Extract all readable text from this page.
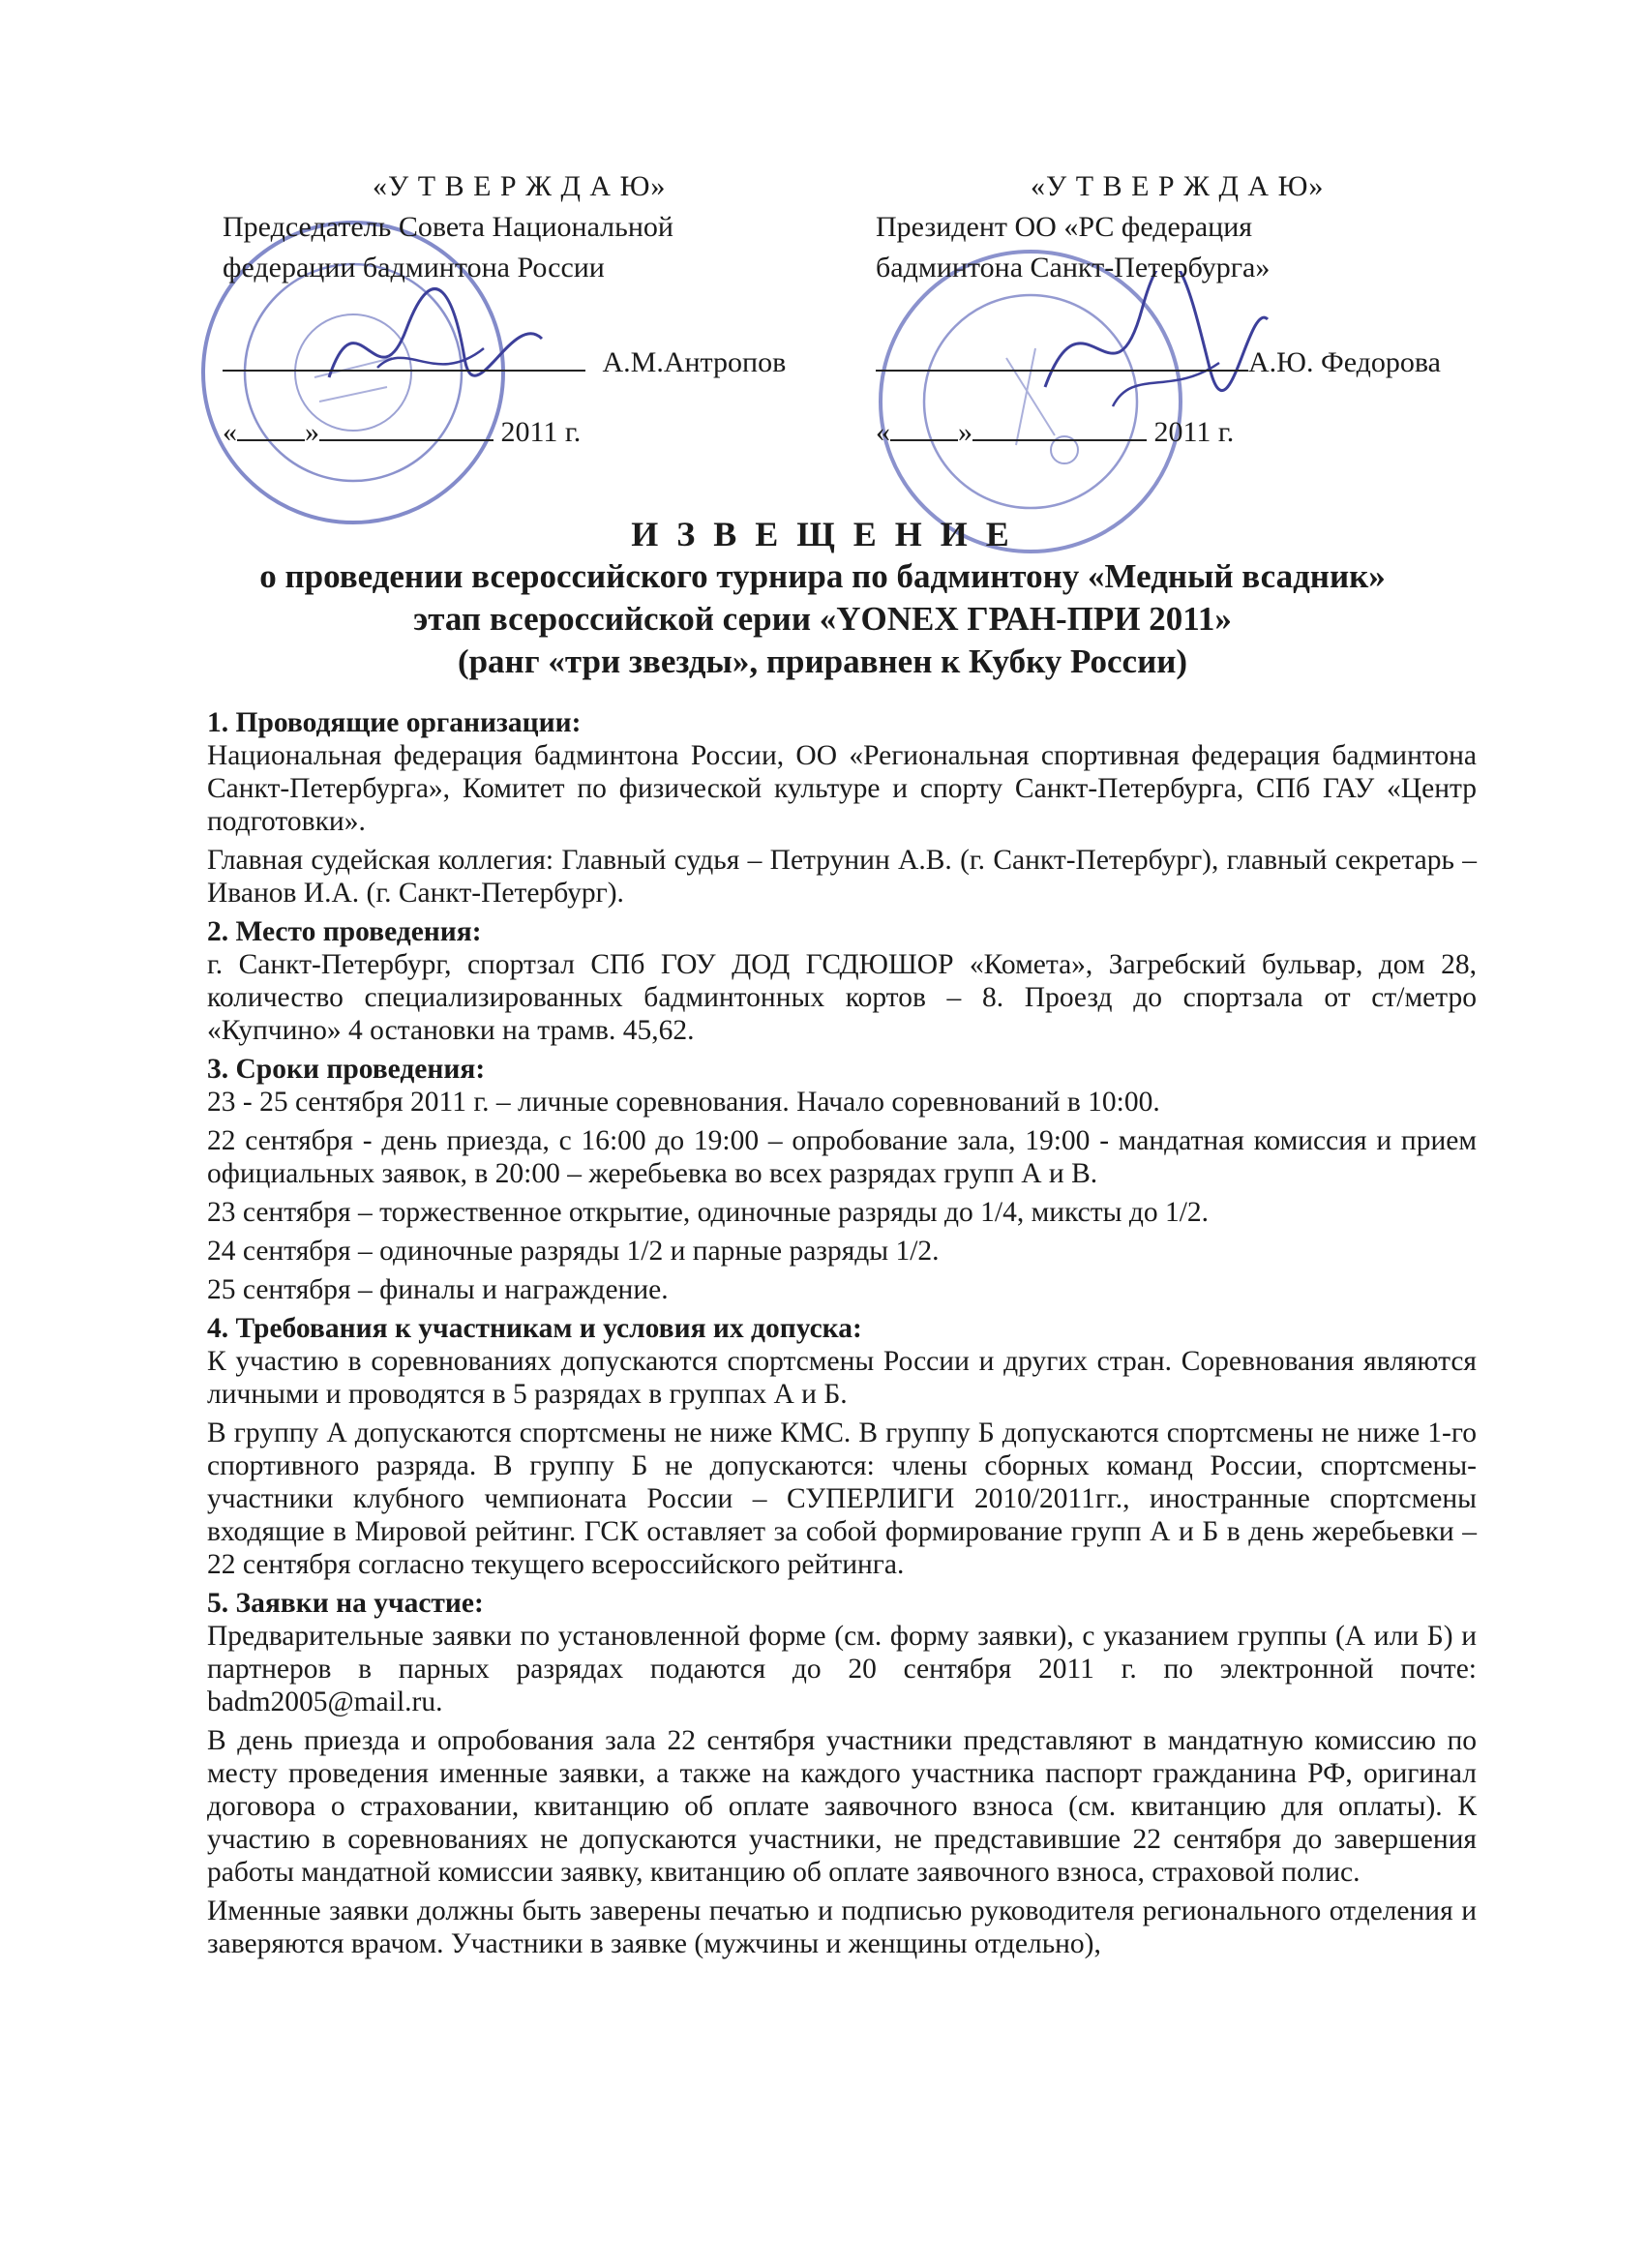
«У Т В Е Р Ж Д А Ю»
Председатель Совета Национальной
федерации бадминтона России
А.М.Антропов
« »	2011 г.
«У Т В Е Р Ж Д А Ю»
Президент ОО «РС федерация
бадминтона Санкт-Петербурга»
А.Ю. Федорова
« »	2011 г.
И З В Е Щ Е Н И Е
о проведении всероссийского турнира по бадминтону «Медный всадник»
этап всероссийской серии «YONEX ГРАН-ПРИ 2011»
(ранг «три звезды», приравнен к Кубку России)
1. Проводящие организации:

Национальная федерация бадминтона России, ОО «Региональная спортивная федерация бадминтона Санкт-Петербурга», Комитет по физической культуре и спорту Санкт-Петербурга, СПб ГАУ «Центр подготовки».

Главная судейская коллегия: Главный судья – Петрунин А.В. (г. Санкт-Петербург), главный секретарь – Иванов И.А. (г. Санкт-Петербург).

2. Место проведения:

г. Санкт-Петербург, спортзал СПб ГОУ ДОД ГСДЮШОР «Комета», Загребский бульвар, дом 28, количество специализированных бадминтонных кортов – 8. Проезд до спортзала от ст/метро «Купчино» 4 остановки на трамв. 45,62.

3. Сроки проведения:

23 - 25 сентября 2011 г. – личные соревнования. Начало соревнований в 10:00.

22 сентября - день приезда, с 16:00 до 19:00 – опробование зала, 19:00 - мандатная комиссия и прием официальных заявок, в 20:00 – жеребьевка во всех разрядах групп А и В.

23 сентября – торжественное открытие, одиночные разряды до 1/4, миксты до 1/2.

24 сентября – одиночные разряды 1/2 и парные разряды 1/2.

25 сентября – финалы и награждение.

4. Требования к участникам и условия их допуска:

К участию в соревнованиях допускаются спортсмены России и других стран. Соревнования являются личными и проводятся в 5 разрядах в группах А и Б.

В группу А допускаются спортсмены не ниже КМС. В группу Б допускаются спортсмены не ниже 1-го спортивного разряда. В группу Б не допускаются: члены сборных команд России, спортсмены-участники клубного чемпионата России – СУПЕРЛИГИ 2010/2011гг., иностранные спортсмены входящие в Мировой рейтинг. ГСК оставляет за собой формирование групп А и Б в день жеребьевки – 22 сентября согласно текущего всероссийского рейтинга.

5. Заявки на участие:

Предварительные заявки по установленной форме (см. форму заявки), с указанием группы (А или Б) и партнеров в парных разрядах подаются до 20 сентября 2011 г. по электронной почте: badm2005@mail.ru.

В день приезда и опробования зала 22 сентября участники представляют в мандатную комиссию по месту проведения именные заявки, а также на каждого участника паспорт гражданина РФ, оригинал договора о страховании, квитанцию об оплате заявочного взноса (см. квитанцию для оплаты). К участию в соревнованиях не допускаются участники, не представившие 22 сентября до завершения работы мандатной комиссии заявку, квитанцию об оплате заявочного взноса, страховой полис.

Именные заявки должны быть заверены печатью и подписью руководителя регионального отделения и заверяются врачом. Участники в заявке (мужчины и женщины отдельно),
